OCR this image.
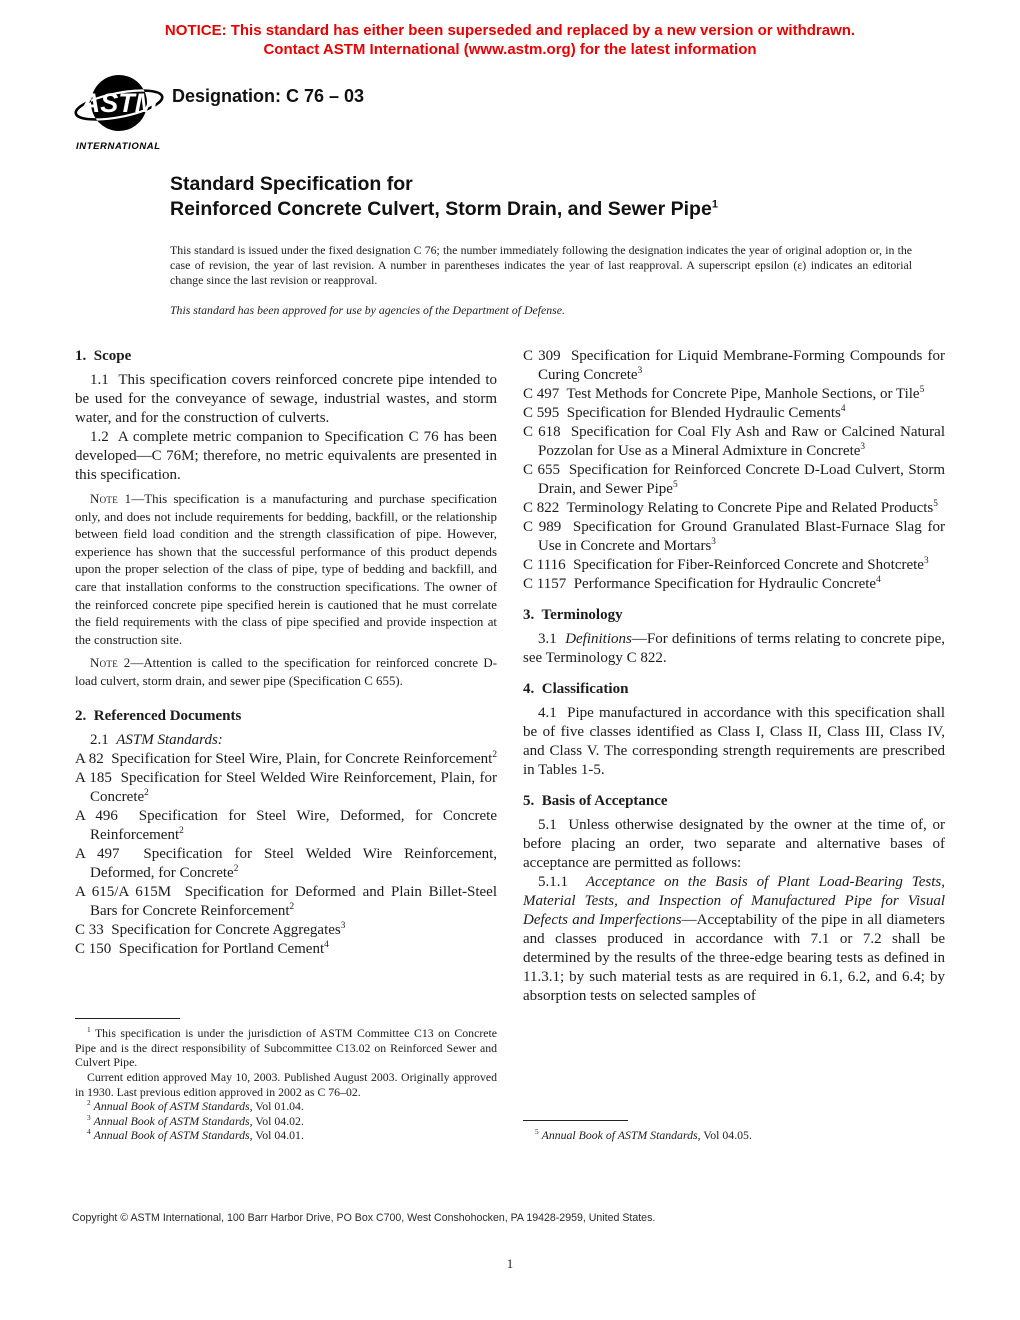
NOTICE: This standard has either been superseded and replaced by a new version or withdrawn.
Contact ASTM International (www.astm.org) for the latest information
ASTM
INTERNATIONAL
Designation: C 76 – 03
Standard Specification for
Reinforced Concrete Culvert, Storm Drain, and Sewer Pipe$^1$
This standard is issued under the fixed designation C 76; the number immediately following the designation indicates the year of original adoption or, in the case of revision, the year of last revision. A number in parentheses indicates the year of last reapproval. A superscript epsilon (ε) indicates an editorial change since the last revision or reapproval.
This standard has been approved for use by agencies of the Department of Defense.
1.  Scope

1.1  This specification covers reinforced concrete pipe intended to be used for the conveyance of sewage, industrial wastes, and storm water, and for the construction of culverts.

1.2  A complete metric companion to Specification C 76 has been developed—C 76M; therefore, no metric equivalents are presented in this specification.

Note 1—This specification is a manufacturing and purchase specification only, and does not include requirements for bedding, backfill, or the relationship between field load condition and the strength classification of pipe. However, experience has shown that the successful performance of this product depends upon the proper selection of the class of pipe, type of bedding and backfill, and care that installation conforms to the construction specifications. The owner of the reinforced concrete pipe specified herein is cautioned that he must correlate the field requirements with the class of pipe specified and provide inspection at the construction site.

Note 2—Attention is called to the specification for reinforced concrete D-load culvert, storm drain, and sewer pipe (Specification C 655).

2.  Referenced Documents

2.1  ASTM Standards:

A 82  Specification for Steel Wire, Plain, for Concrete Reinforcement$^2$

A 185  Specification for Steel Welded Wire Reinforcement, Plain, for Concrete$^2$

A 496  Specification for Steel Wire, Deformed, for Concrete Reinforcement$^2$

A 497  Specification for Steel Welded Wire Reinforcement, Deformed, for Concrete$^2$

A 615/A 615M  Specification for Deformed and Plain Billet-Steel Bars for Concrete Reinforcement$^2$

C 33  Specification for Concrete Aggregates$^3$

C 150  Specification for Portland Cement$^4$

$^1$ This specification is under the jurisdiction of ASTM Committee C13 on Concrete Pipe and is the direct responsibility of Subcommittee C13.02 on Reinforced Sewer and Culvert Pipe.

Current edition approved May 10, 2003. Published August 2003. Originally approved in 1930. Last previous edition approved in 2002 as C 76–02.

$^2$ Annual Book of ASTM Standards, Vol 01.04.

$^3$ Annual Book of ASTM Standards, Vol 04.02.

$^4$ Annual Book of ASTM Standards, Vol 04.01.

C 309  Specification for Liquid Membrane-Forming Compounds for Curing Concrete$^3$

C 497  Test Methods for Concrete Pipe, Manhole Sections, or Tile$^5$

C 595  Specification for Blended Hydraulic Cements$^4$

C 618  Specification for Coal Fly Ash and Raw or Calcined Natural Pozzolan for Use as a Mineral Admixture in Concrete$^3$

C 655  Specification for Reinforced Concrete D-Load Culvert, Storm Drain, and Sewer Pipe$^5$

C 822  Terminology Relating to Concrete Pipe and Related Products$^5$

C 989  Specification for Ground Granulated Blast-Furnace Slag for Use in Concrete and Mortars$^3$

C 1116  Specification for Fiber-Reinforced Concrete and Shotcrete$^3$

C 1157  Performance Specification for Hydraulic Concrete$^4$

3.  Terminology

3.1  Definitions—For definitions of terms relating to concrete pipe, see Terminology C 822.

4.  Classification

4.1  Pipe manufactured in accordance with this specification shall be of five classes identified as Class I, Class II, Class III, Class IV, and Class V. The corresponding strength requirements are prescribed in Tables 1-5.

5.  Basis of Acceptance

5.1  Unless otherwise designated by the owner at the time of, or before placing an order, two separate and alternative bases of acceptance are permitted as follows:

5.1.1  Acceptance on the Basis of Plant Load-Bearing Tests, Material Tests, and Inspection of Manufactured Pipe for Visual Defects and Imperfections—Acceptability of the pipe in all diameters and classes produced in accordance with 7.1 or 7.2 shall be determined by the results of the three-edge bearing tests as defined in 11.3.1; by such material tests as are required in 6.1, 6.2, and 6.4; by absorption tests on selected samples of

$^5$ Annual Book of ASTM Standards, Vol 04.05.

Copyright © ASTM International, 100 Barr Harbor Drive, PO Box C700, West Conshohocken, PA 19428-2959, United States.
1
